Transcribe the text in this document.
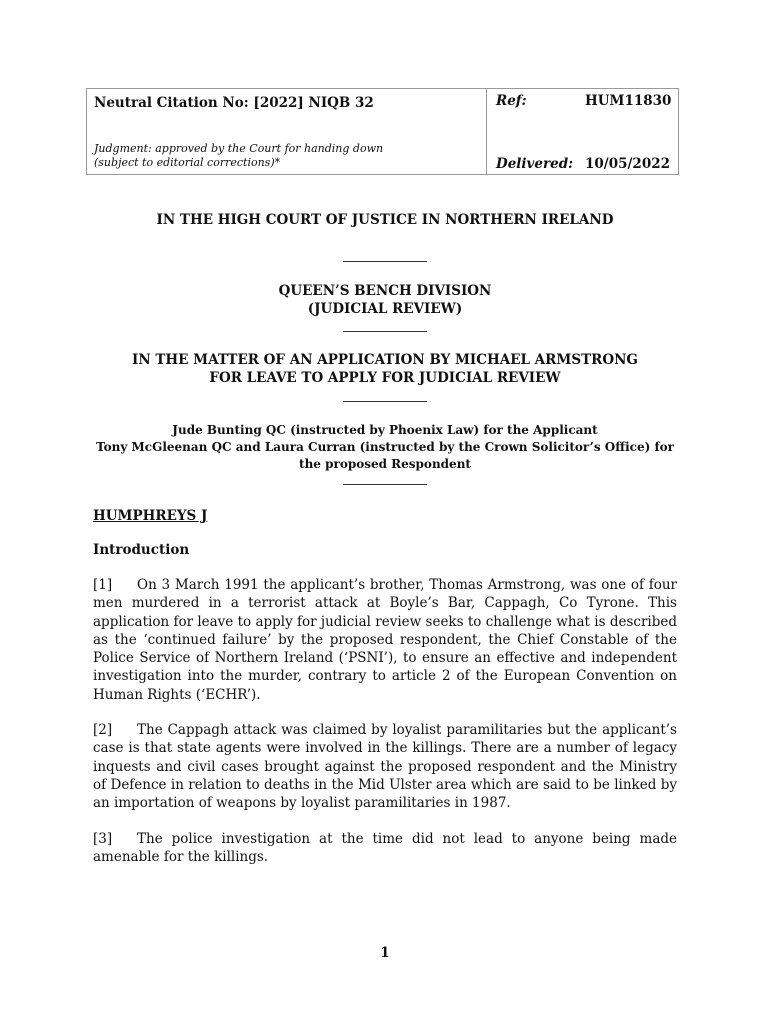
Neutral Citation No: [2022] NIQB 32
Judgment: approved by the Court for handing down
(subject to editorial corrections)*
Ref:	HUM11830
Delivered: 10/05/2022
IN THE HIGH COURT OF JUSTICE IN NORTHERN IRELAND
QUEEN’S BENCH DIVISION
(JUDICIAL REVIEW)
IN THE MATTER OF AN APPLICATION BY MICHAEL ARMSTRONG
FOR LEAVE TO APPLY FOR JUDICIAL REVIEW
Jude Bunting QC (instructed by Phoenix Law) for the Applicant
Tony McGleenan QC and Laura Curran (instructed by the Crown Solicitor’s Office) for
the proposed Respondent
HUMPHREYS J
Introduction
[1] On 3 March 1991 the applicant’s brother, Thomas Armstrong, was one of four men murdered in a terrorist attack at Boyle’s Bar, Cappagh, Co Tyrone. This application for leave to apply for judicial review seeks to challenge what is described as the ‘continued failure’ by the proposed respondent, the Chief Constable of the Police Service of Northern Ireland (‘PSNI’), to ensure an effective and independent investigation into the murder, contrary to article 2 of the European Convention on Human Rights (‘ECHR’).
[2] The Cappagh attack was claimed by loyalist paramilitaries but the applicant’s case is that state agents were involved in the killings. There are a number of legacy inquests and civil cases brought against the proposed respondent and the Ministry of Defence in relation to deaths in the Mid Ulster area which are said to be linked by an importation of weapons by loyalist paramilitaries in 1987.
[3] The police investigation at the time did not lead to anyone being made amenable for the killings.
1
